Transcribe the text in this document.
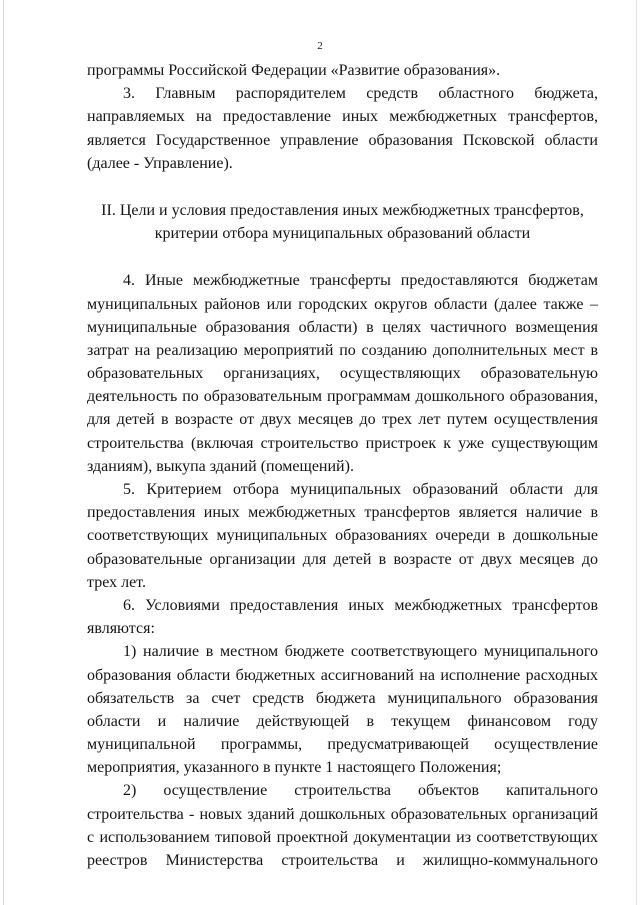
2
программы Российской Федерации «Развитие образования».
3. Главным распорядителем средств областного бюджета,
направляемых на предоставление иных межбюджетных трансфертов,
является Государственное управление образования Псковской области
(далее - Управление).
II. Цели и условия предоставления иных межбюджетных трансфертов,
критерии отбора муниципальных образований области
4. Иные межбюджетные трансферты предоставляются бюджетам
муниципальных районов или городских округов области (далее также –
муниципальные образования области) в целях частичного возмещения
затрат на реализацию мероприятий по созданию дополнительных мест в
образовательных организациях, осуществляющих образовательную
деятельность по образовательным программам дошкольного образования,
для детей в возрасте от двух месяцев до трех лет путем осуществления
строительства (включая строительство пристроек к уже существующим
зданиям), выкупа зданий (помещений).
5. Критерием отбора муниципальных образований области для
предоставления иных межбюджетных трансфертов является наличие в
соответствующих муниципальных образованиях очереди в дошкольные
образовательные организации для детей в возрасте от двух месяцев до
трех лет.
6. Условиями предоставления иных межбюджетных трансфертов
являются:
1) наличие в местном бюджете соответствующего муниципального
образования области бюджетных ассигнований на исполнение расходных
обязательств за счет средств бюджета муниципального образования
области и наличие действующей в текущем финансовом году
муниципальной программы, предусматривающей осуществление
мероприятия, указанного в пункте 1 настоящего Положения;
2) осуществление строительства объектов капитального
строительства - новых зданий дошкольных образовательных организаций
с использованием типовой проектной документации из соответствующих
реестров Министерства строительства и жилищно-коммунального
